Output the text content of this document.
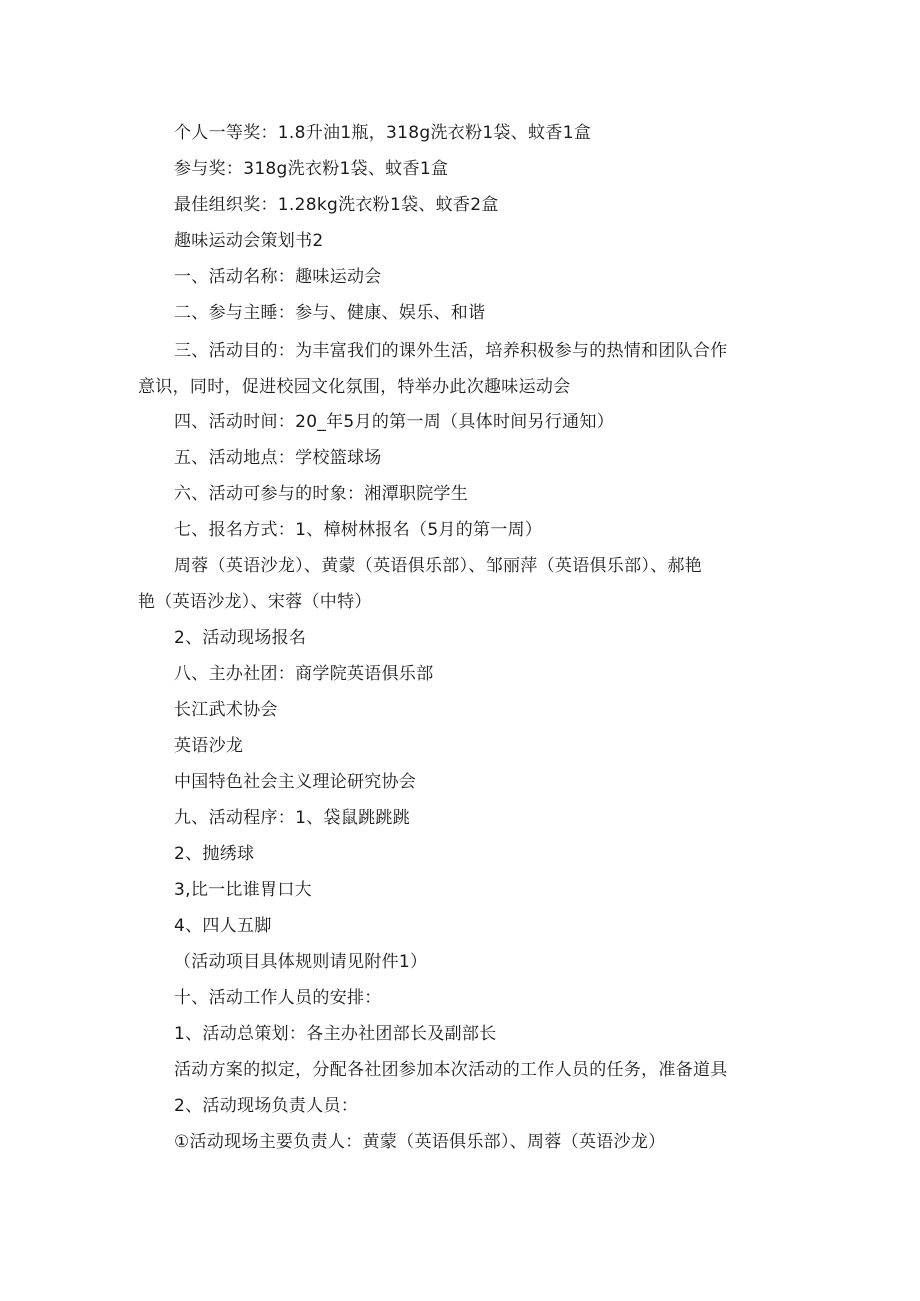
个人一等奖：1.8升油1瓶，318g洗衣粉1袋、蚊香1盒
参与奖：318g洗衣粉1袋、蚊香1盒
最佳组织奖：1.28kg洗衣粉1袋、蚊香2盒
趣味运动会策划书2
一、活动名称：趣味运动会
二、参与主睡：参与、健康、娱乐、和谐
三、活动目的：为丰富我们的课外生活，培养积极参与的热情和团队合作
意识，同时，促进校园文化氛围，特举办此次趣味运动会
四、活动时间：20_年5月的第一周（具体时间另行通知）
五、活动地点：学校篮球场
六、活动可参与的时象：湘潭职院学生
七、报名方式：1、樟树林报名（5月的第一周）
周蓉（英语沙龙）、黄蒙（英语俱乐部）、邹丽萍（英语俱乐部）、郝艳
艳（英语沙龙）、宋蓉（中特）
2、活动现场报名
八、主办社团：商学院英语俱乐部
长江武术协会
英语沙龙
中国特色社会主义理论研究协会
九、活动程序：1、袋鼠跳跳跳
2、抛绣球
3,比一比谁胃口大
4、四人五脚
（活动项目具体规则请见附件1）
十、活动工作人员的安排：
1、活动总策划：各主办社团部长及副部长
活动方案的拟定，分配各社团参加本次活动的工作人员的任务，准备道具
2、活动现场负责人员：
①活动现场主要负责人：黄蒙（英语俱乐部）、周蓉（英语沙龙）
